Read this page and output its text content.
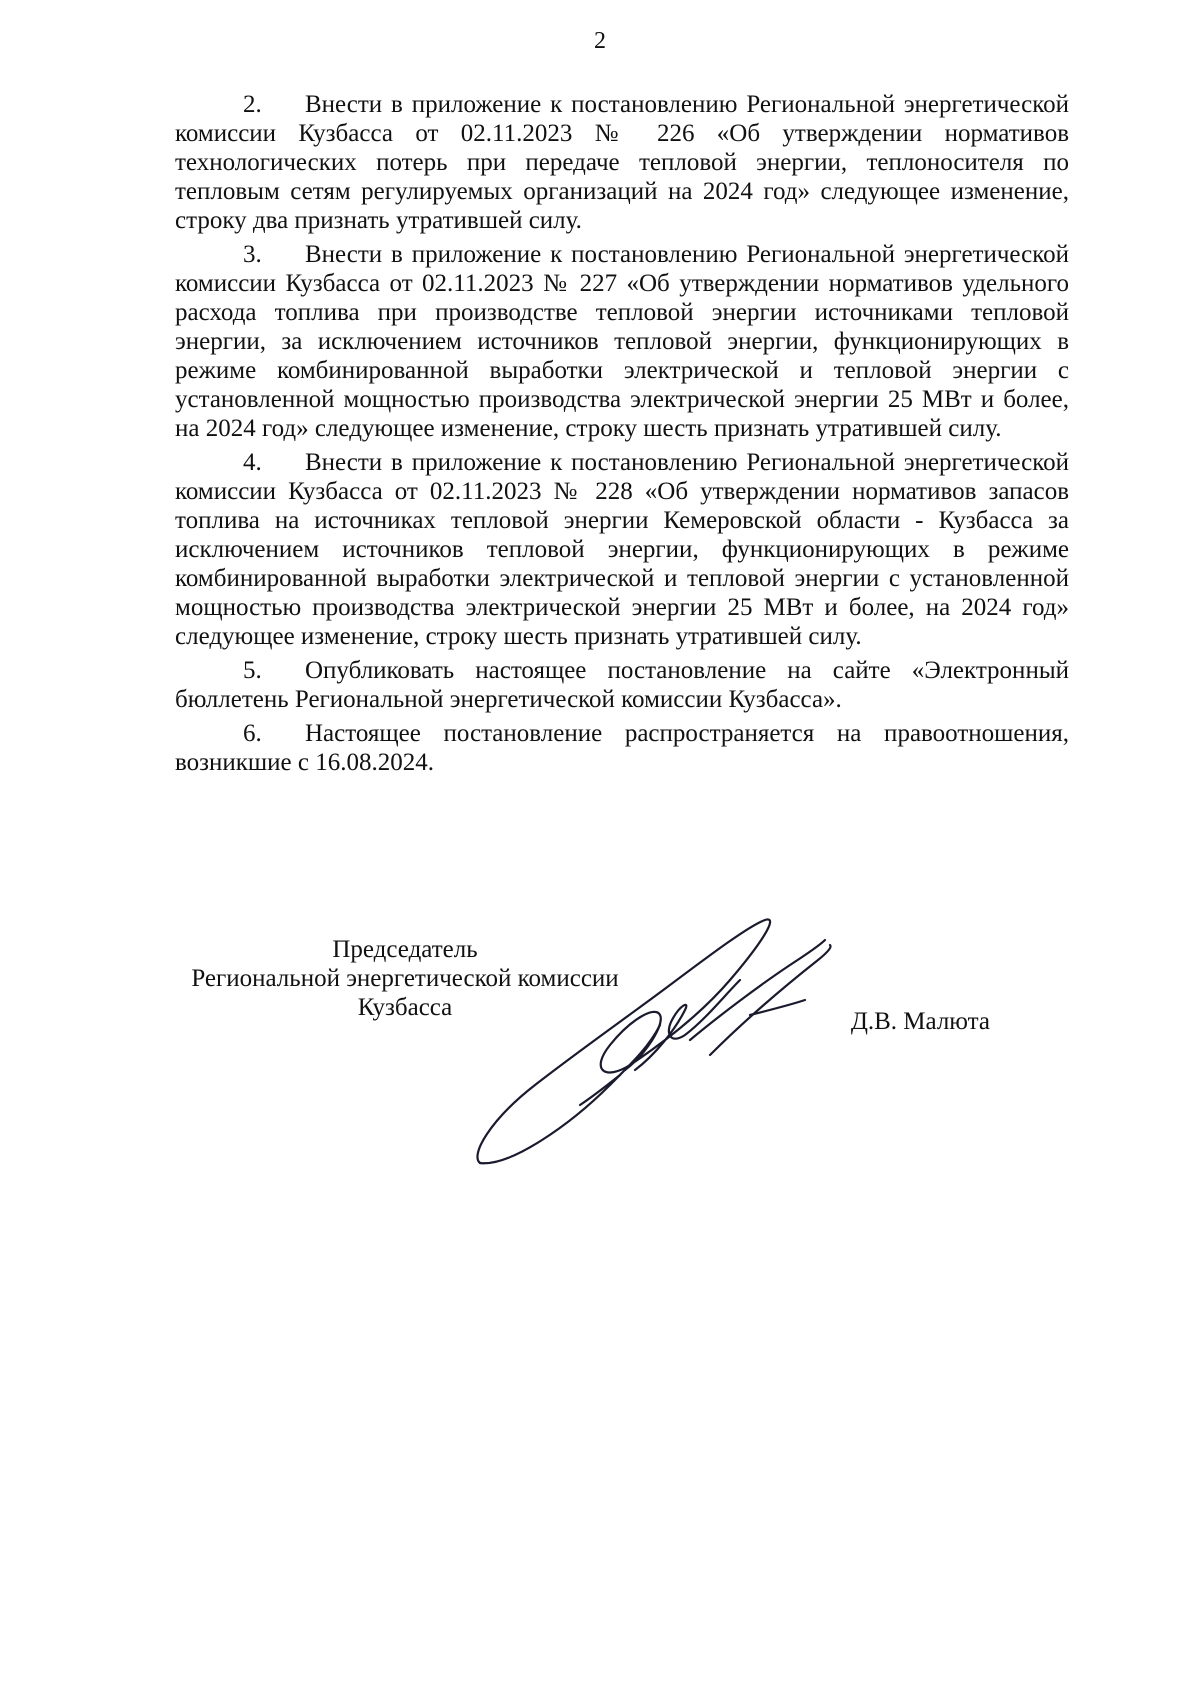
2

2. Внести в приложение к постановлению Региональной энергетической комиссии Кузбасса от 02.11.2023 № 226 «Об утверждении нормативов технологических потерь при передаче тепловой энергии, теплоносителя по тепловым сетям регулируемых организаций на 2024 год» следующее изменение, строку два признать утратившей силу.

3. Внести в приложение к постановлению Региональной энергетической комиссии Кузбасса от 02.11.2023 № 227 «Об утверждении нормативов удельного расхода топлива при производстве тепловой энергии источниками тепловой энергии, за исключением источников тепловой энергии, функционирующих в режиме комбинированной выработки электрической и тепловой энергии с установленной мощностью производства электрической энергии 25 МВт и более, на 2024 год» следующее изменение, строку шесть признать утратившей силу.

4. Внести в приложение к постановлению Региональной энергетической комиссии Кузбасса от 02.11.2023 № 228 «Об утверждении нормативов запасов топлива на источниках тепловой энергии Кемеровской области - Кузбасса за исключением источников тепловой энергии, функционирующих в режиме комбинированной выработки электрической и тепловой энергии с установленной мощностью производства электрической энергии 25 МВт и более, на 2024 год» следующее изменение, строку шесть признать утратившей силу.

5. Опубликовать настоящее постановление на сайте «Электронный бюллетень Региональной энергетической комиссии Кузбасса».

6. Настоящее постановление распространяется на правоотношения, возникшие с 16.08.2024.

Председатель
Региональной энергетической комиссии
Кузбасса
Д.В. Малюта
